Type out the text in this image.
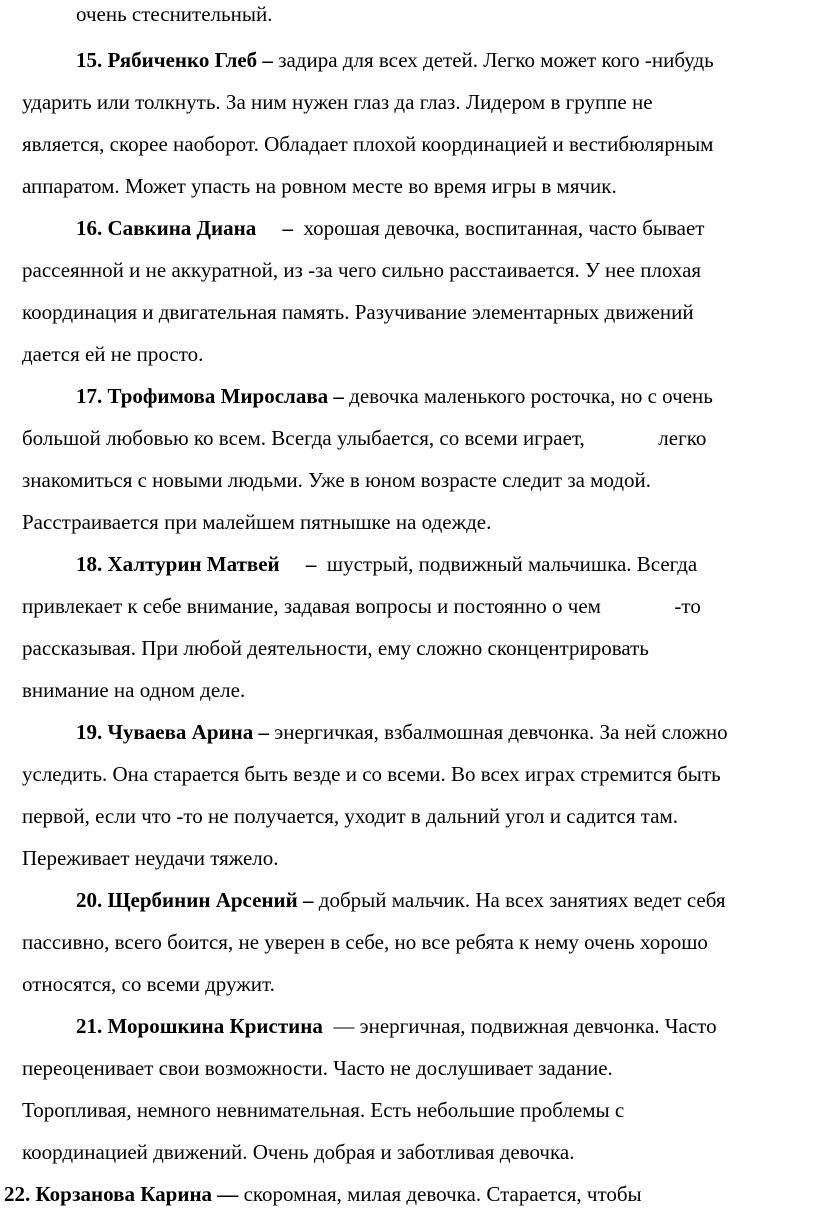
очень стеснительный.
15. Рябиченко Глеб – задира для всех детей. Легко может кого -нибудь
ударить или толкнуть. За ним нужен глаз да глаз. Лидером в группе не
является, скорее наоборот. Обладает плохой координацией и вестибюлярным
аппаратом. Может упасть на ровном месте во время игры в мячик.
16. Савкина Диана     –  хорошая девочка, воспитанная, часто бывает
рассеянной и не аккуратной, из -за чего сильно расстаивается. У нее плохая
координация и двигательная память. Разучивание элементарных движений
дается ей не просто.
17. Трофимова Мирослава – девочка маленького росточка, но с очень
большой любовью ко всем. Всегда улыбается, со всеми играет,              легко
знакомиться с новыми людьми. Уже в юном возрасте следит за модой.
Расстраивается при малейшем пятнышке на одежде.
18. Халтурин Матвей     –  шустрый, подвижный мальчишка. Всегда
привлекает к себе внимание, задавая вопросы и постоянно о чем              -то
рассказывая. При любой деятельности, ему сложно сконцентрировать
внимание на одном деле.
19. Чуваева Арина – энергичкая, взбалмошная девчонка. За ней сложно
уследить. Она старается быть везде и со всеми. Во всех играх стремится быть
первой, если что -то не получается, уходит в дальний угол и садится там.
Переживает неудачи тяжело.
20. Щербинин Арсений – добрый мальчик. На всех занятиях ведет себя
пассивно, всего боится, не уверен в себе, но все ребята к нему очень хорошо
относятся, со всеми дружит.
21. Морошкина Кристина  — энергичная, подвижная девчонка. Часто
переоценивает свои возможности. Часто не дослушивает задание.
Торопливая, немного невнимательная. Есть небольшие проблемы с
координацией движений. Очень добрая и заботливая девочка.
22. Корзанова Карина — скоромная, милая девочка. Старается, чтобы
